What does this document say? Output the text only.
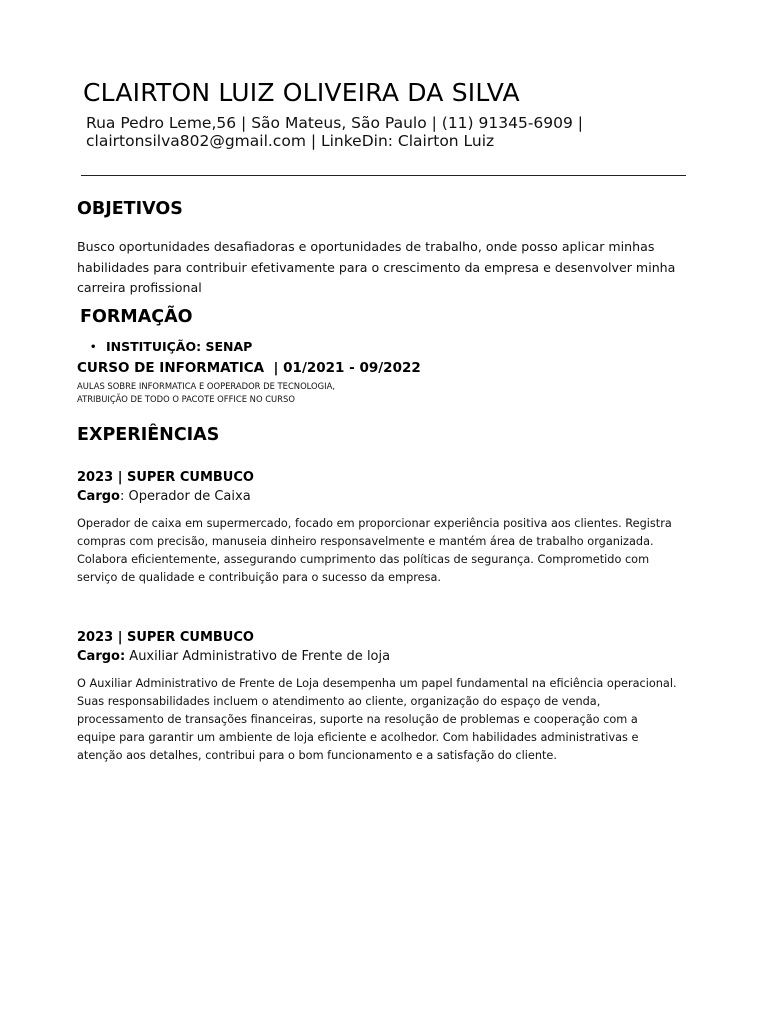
CLAIRTON LUIZ OLIVEIRA DA SILVA
Rua Pedro Leme,56 | São Mateus, São Paulo | (11) 91345-6909 |
clairtonsilva802@gmail.com | LinkeDin: Clairton Luiz
OBJETIVOS

Busco oportunidades desafiadoras e oportunidades de trabalho, onde posso aplicar minhas habilidades para contribuir efetivamente para o crescimento da empresa e desenvolver minha carreira profissional

FORMAÇÃO
• INSTITUIÇÃO: SENAP
CURSO DE INFORMATICA  | 01/2021 - 09/2022
AULAS SOBRE INFORMATICA E OOPERADOR DE TECNOLOGIA,
ATRIBUIÇÃO DE TODO O PACOTE OFFICE NO CURSO
EXPERIÊNCIAS
2023 | SUPER CUMBUCO
Cargo: Operador de Caixa

Operador de caixa em supermercado, focado em proporcionar experiência positiva aos clientes. Registra compras com precisão, manuseia dinheiro responsavelmente e mantém área de trabalho organizada. Colabora eficientemente, assegurando cumprimento das políticas de segurança. Comprometido com serviço de qualidade e contribuição para o sucesso da empresa.

2023 | SUPER CUMBUCO
Cargo: Auxiliar Administrativo de Frente de loja

O Auxiliar Administrativo de Frente de Loja desempenha um papel fundamental na eficiência operacional. Suas responsabilidades incluem o atendimento ao cliente, organização do espaço de venda, processamento de transações financeiras, suporte na resolução de problemas e cooperação com a equipe para garantir um ambiente de loja eficiente e acolhedor. Com habilidades administrativas e atenção aos detalhes, contribui para o bom funcionamento e a satisfação do cliente.
